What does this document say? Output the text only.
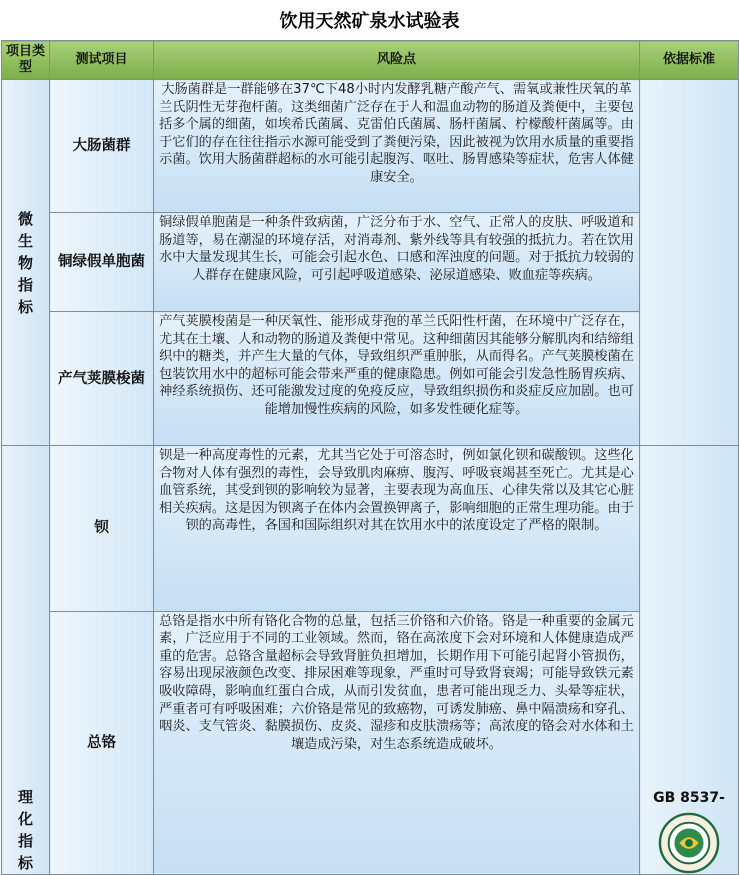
饮用天然矿泉水试验表
项目类型	测试项目	风险点	依据标准
微生物指标	大肠菌群	大肠菌群是一群能够在37℃下48小时内发酵乳糖产酸产气、需氧或兼性厌氧的革兰氏阴性无芽孢杆菌。这类细菌广泛存在于人和温血动物的肠道及粪便中，主要包括多个属的细菌，如埃希氏菌属、克雷伯氏菌属、肠杆菌属、柠檬酸杆菌属等。由于它们的存在往往指示水源可能受到了粪便污染，因此被视为饮用水质量的重要指示菌。饮用大肠菌群超标的水可能引起腹泻、呕吐、肠胃感染等症状，危害人体健康安全。	
	铜绿假单胞菌	铜绿假单胞菌是一种条件致病菌，广泛分布于水、空气、正常人的皮肤、呼吸道和肠道等，易在潮湿的环境存活，对消毒剂、紫外线等具有较强的抵抗力。若在饮用水中大量发现其生长，可能会引起水色、口感和浑浊度的问题。对于抵抗力较弱的人群存在健康风险，可引起呼吸道感染、泌尿道感染、败血症等疾病。	
	产气荚膜梭菌	产气荚膜梭菌是一种厌氧性、能形成芽孢的革兰氏阳性杆菌，在环境中广泛存在，尤其在土壤、人和动物的肠道及粪便中常见。这种细菌因其能够分解肌肉和结缔组织中的糖类，并产生大量的气体，导致组织严重肿胀，从而得名。产气荚膜梭菌在包装饮用水中的超标可能会带来严重的健康隐患。例如可能会引发急性肠胃疾病、神经系统损伤、还可能激发过度的免疫反应，导致组织损伤和炎症反应加剧。也可能增加慢性疾病的风险，如多发性硬化症等。	
理化指标	钡	钡是一种高度毒性的元素，尤其当它处于可溶态时，例如氯化钡和碳酸钡。这些化合物对人体有强烈的毒性，会导致肌肉麻痹、腹泻、呼吸衰竭甚至死亡。尤其是心血管系统，其受到钡的影响较为显著，主要表现为高血压、心律失常以及其它心脏相关疾病。这是因为钡离子在体内会置换钾离子，影响细胞的正常生理功能。由于钡的高毒性，各国和国际组织对其在饮用水中的浓度设定了严格的限制。	GB 8537-

	总铬	总铬是指水中所有铬化合物的总量，包括三价铬和六价铬。铬是一种重要的金属元素，广泛应用于不同的工业领域。然而，铬在高浓度下会对环境和人体健康造成严重的危害。总铬含量超标会导致肾脏负担增加，长期作用下可能引起肾小管损伤，容易出现尿液颜色改变、排尿困难等现象，严重时可导致肾衰竭；可能导致铁元素吸收障碍，影响血红蛋白合成，从而引发贫血，患者可能出现乏力、头晕等症状，严重者可有呼吸困难；六价铬是常见的致癌物，可诱发肺癌、鼻中隔溃疡和穿孔、咽炎、支气管炎、黏膜损伤、皮炎、湿疹和皮肤溃疡等；高浓度的铬会对水体和土壤造成污染，对生态系统造成破坏。	
